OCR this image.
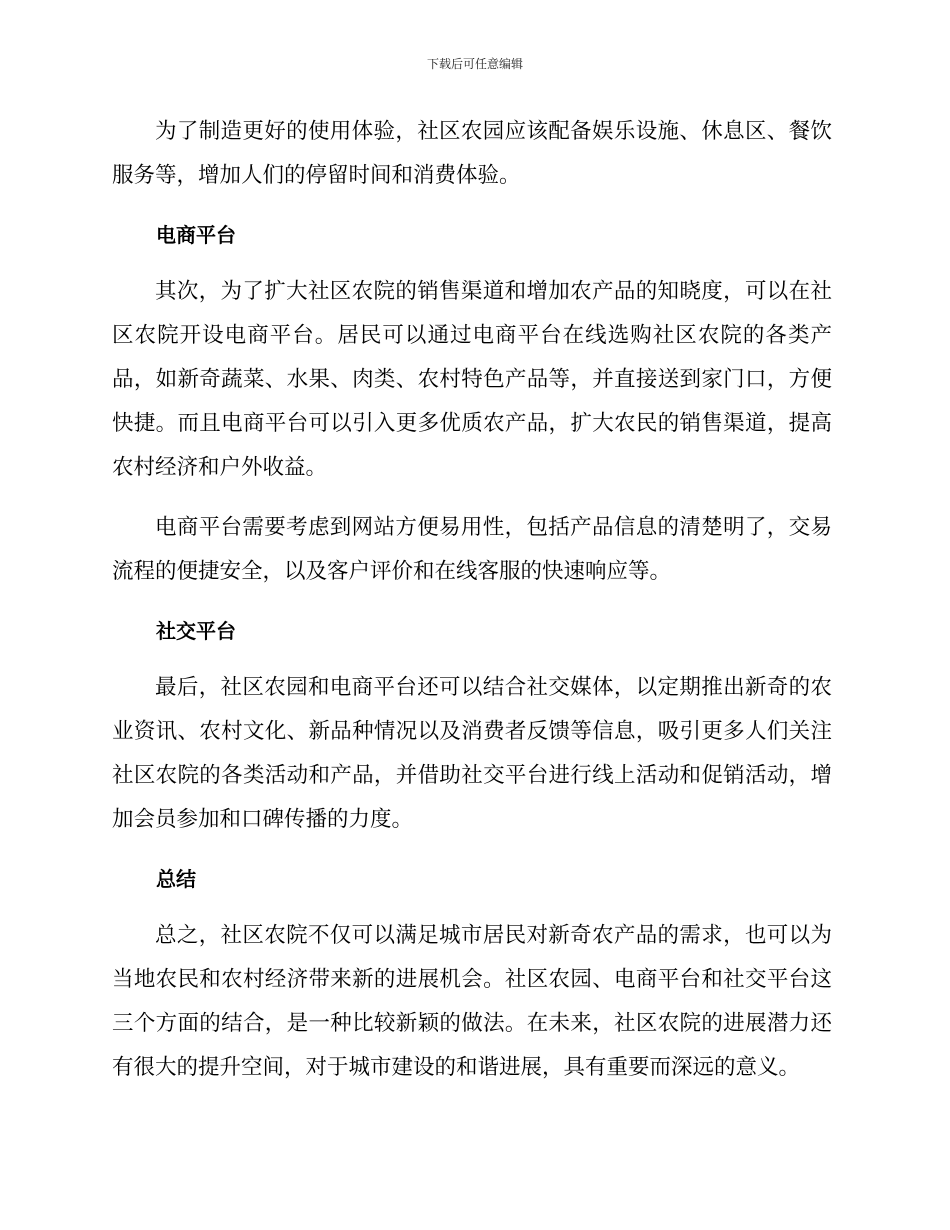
下载后可任意编辑

为了制造更好的使用体验，社区农园应该配备娱乐设施、休息区、餐饮服务等，增加人们的停留时间和消费体验。

电商平台

其次，为了扩大社区农院的销售渠道和增加农产品的知晓度，可以在社区农院开设电商平台。居民可以通过电商平台在线选购社区农院的各类产品，如新奇蔬菜、水果、肉类、农村特色产品等，并直接送到家门口，方便快捷。而且电商平台可以引入更多优质农产品，扩大农民的销售渠道，提高农村经济和户外收益。

电商平台需要考虑到网站方便易用性，包括产品信息的清楚明了，交易流程的便捷安全，以及客户评价和在线客服的快速响应等。

社交平台

最后，社区农园和电商平台还可以结合社交媒体，以定期推出新奇的农业资讯、农村文化、新品种情况以及消费者反馈等信息，吸引更多人们关注社区农院的各类活动和产品，并借助社交平台进行线上活动和促销活动，增加会员参加和口碑传播的力度。

总结

总之，社区农院不仅可以满足城市居民对新奇农产品的需求，也可以为当地农民和农村经济带来新的进展机会。社区农园、电商平台和社交平台这三个方面的结合，是一种比较新颖的做法。在未来，社区农院的进展潜力还有很大的提升空间，对于城市建设的和谐进展，具有重要而深远的意义。
